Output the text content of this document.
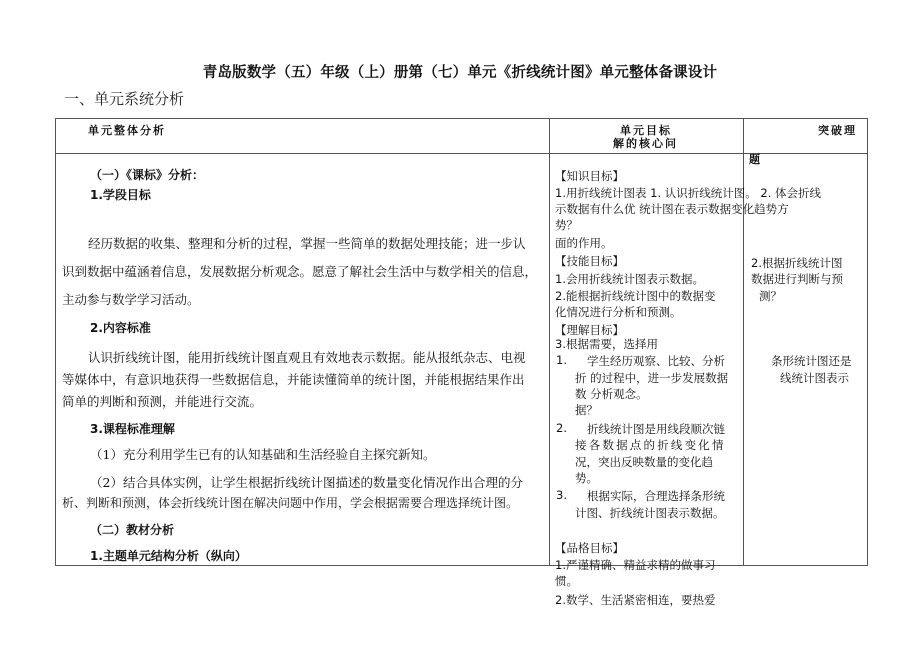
青岛版数学（五）年级（上）册第（七）单元《折线统计图》单元整体备课设计
一、单元系统分析
单元整体分析	单元目标
解的核心问
突破理
题
（一）《课标》分析：
1.学段目标
经历数据的收集、整理和分析的过程，掌握一些简单的数据处理技能；进一步认
识到数据中蕴涵着信息，发展数据分析观念。愿意了解社会生活中与数学相关的信息，
主动参与数学学习活动。
2.内容标准
认识折线统计图，能用折线统计图直观且有效地表示数据。能从报纸杂志、电视
等媒体中，有意识地获得一些数据信息，并能读懂简单的统计图，并能根据结果作出
简单的判断和预测，并能进行交流。
3.课程标准理解
（1）充分利用学生已有的认知基础和生活经验自主探究新知。
（2）结合具体实例，让学生根据折线统计图描述的数量变化情况作出合理的分
析、判断和预测，体会折线统计图在解决问题中作用，学会根据需要合理选择统计图。
（二）教材分析
1.主题单元结构分析（纵向）
【知识目标】
1.用折线统计图表 1. 认识折线统计图。 2. 体会折线
示数据有什么优 统计图在表示数据变化趋势方
势？
面的作用。
【技能目标】
1.会用折线统计图表示数据。
2.能根据折线统计图中的数据变
化情况进行分析和预测。
【理解目标】
3.根据需要，选择用
1. 学生经历观察、比较、分析
折 的过程中，进一步发展数据
数 分析观念。
据？
2. 折线统计图是用线段顺次链
接各数据点的折线变化情
况，突出反映数量的变化趋
势。
3. 根据实际，合理选择条形统
计图、折线统计图表示数据。
【品格目标】
1.严谨精确、精益求精的做事习
惯。
2.数学、生活紧密相连，要热爱
2.根据折线统计图
数据进行判断与预
测？
条形统计图还是
线统计图表示
